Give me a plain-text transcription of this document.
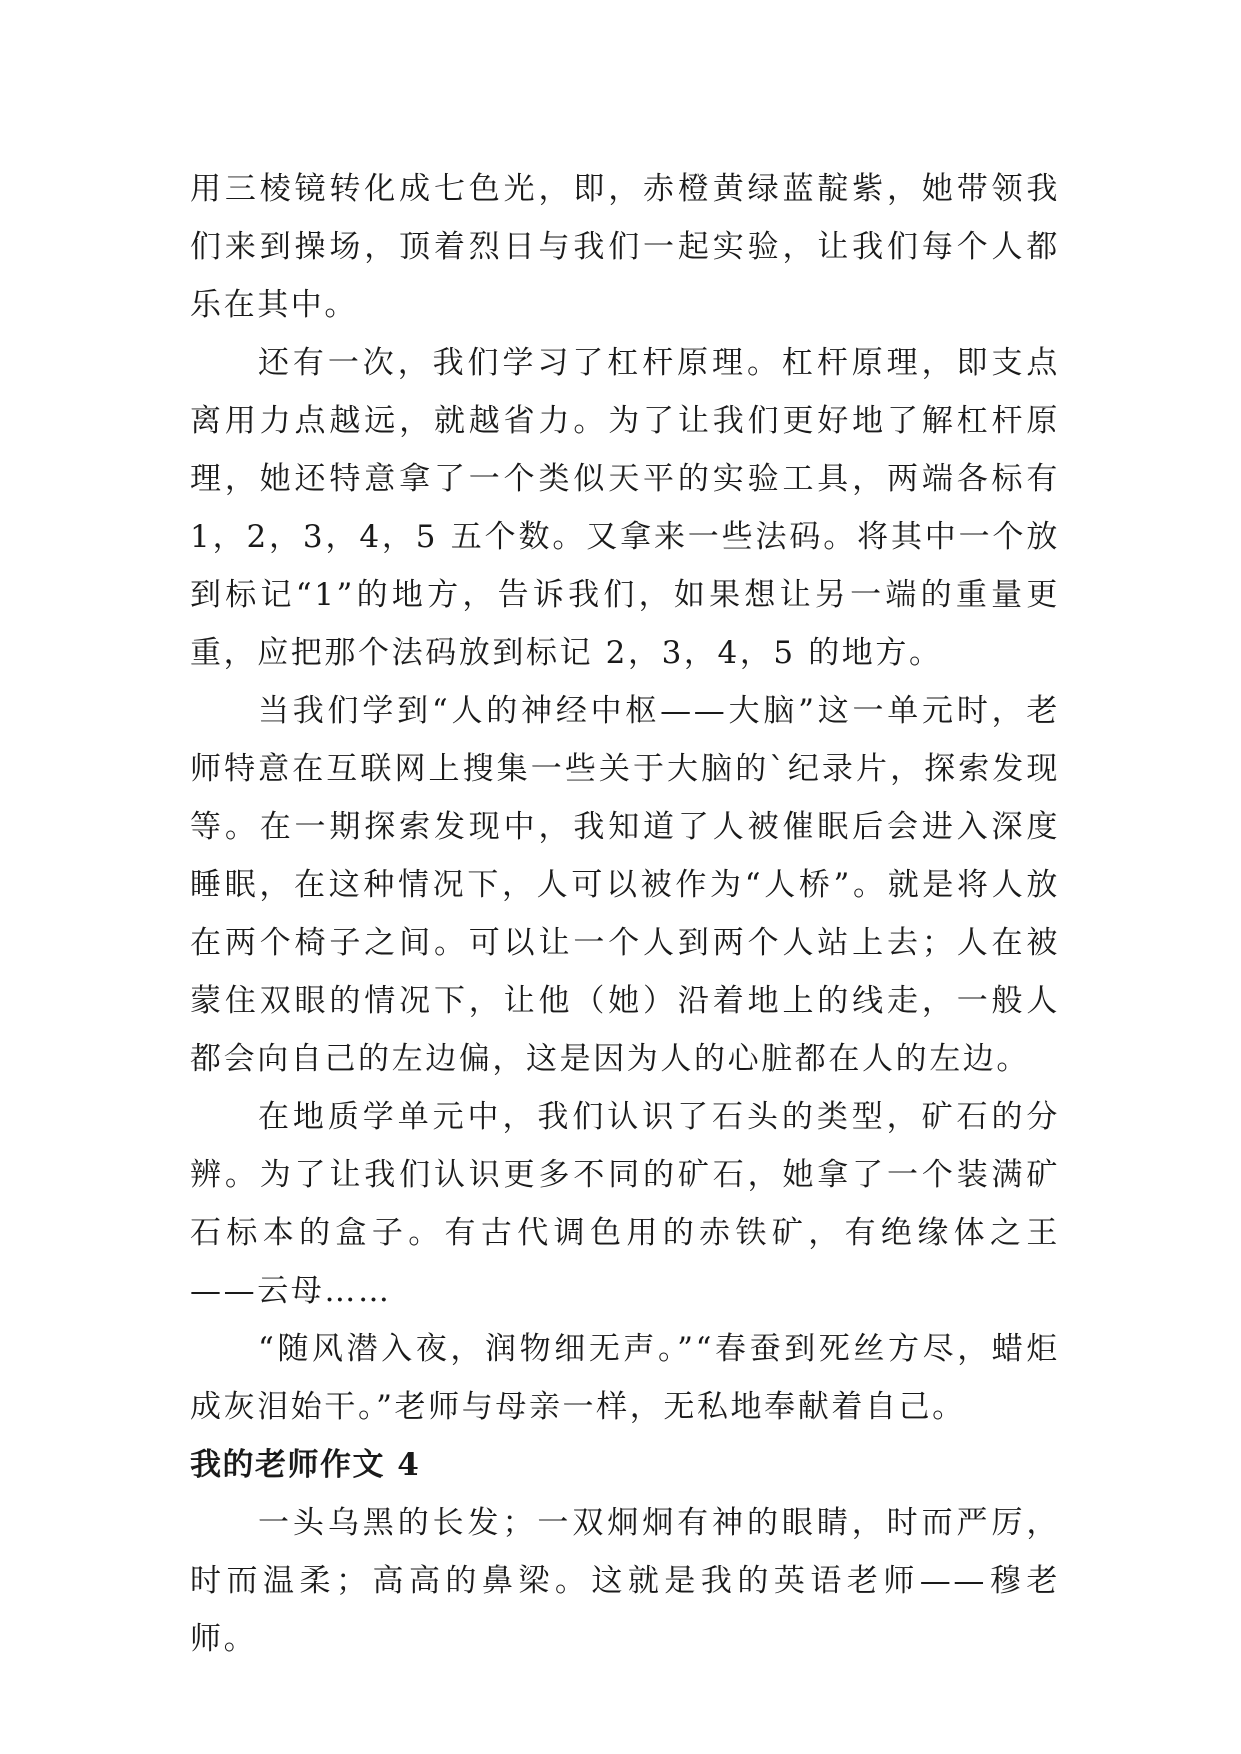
用三棱镜转化成七色光，即，赤橙黄绿蓝靛紫，她带领我们来到操场，顶着烈日与我们一起实验，让我们每个人都乐在其中。

还有一次，我们学习了杠杆原理。杠杆原理，即支点离用力点越远，就越省力。为了让我们更好地了解杠杆原理，她还特意拿了一个类似天平的实验工具，两端各标有 1，2，3，4，5 五个数。又拿来一些法码。将其中一个放到标记“1”的地方，告诉我们，如果想让另一端的重量更重，应把那个法码放到标记 2，3，4，5 的地方。

当我们学到“人的神经中枢——大脑”这一单元时，老师特意在互联网上搜集一些关于大脑的`纪录片，探索发现等。在一期探索发现中，我知道了人被催眠后会进入深度睡眠，在这种情况下，人可以被作为“人桥”。就是将人放在两个椅子之间。可以让一个人到两个人站上去；人在被蒙住双眼的情况下，让他（她）沿着地上的线走，一般人都会向自己的左边偏，这是因为人的心脏都在人的左边。

在地质学单元中，我们认识了石头的类型，矿石的分辨。为了让我们认识更多不同的矿石，她拿了一个装满矿石标本的盒子。有古代调色用的赤铁矿，有绝缘体之王——云母……

“随风潜入夜，润物细无声。”“春蚕到死丝方尽，蜡炬成灰泪始干。”老师与母亲一样，无私地奉献着自己。

我的老师作文 4

一头乌黑的长发；一双炯炯有神的眼睛，时而严厉，时而温柔；高高的鼻梁。这就是我的英语老师——穆老师。
